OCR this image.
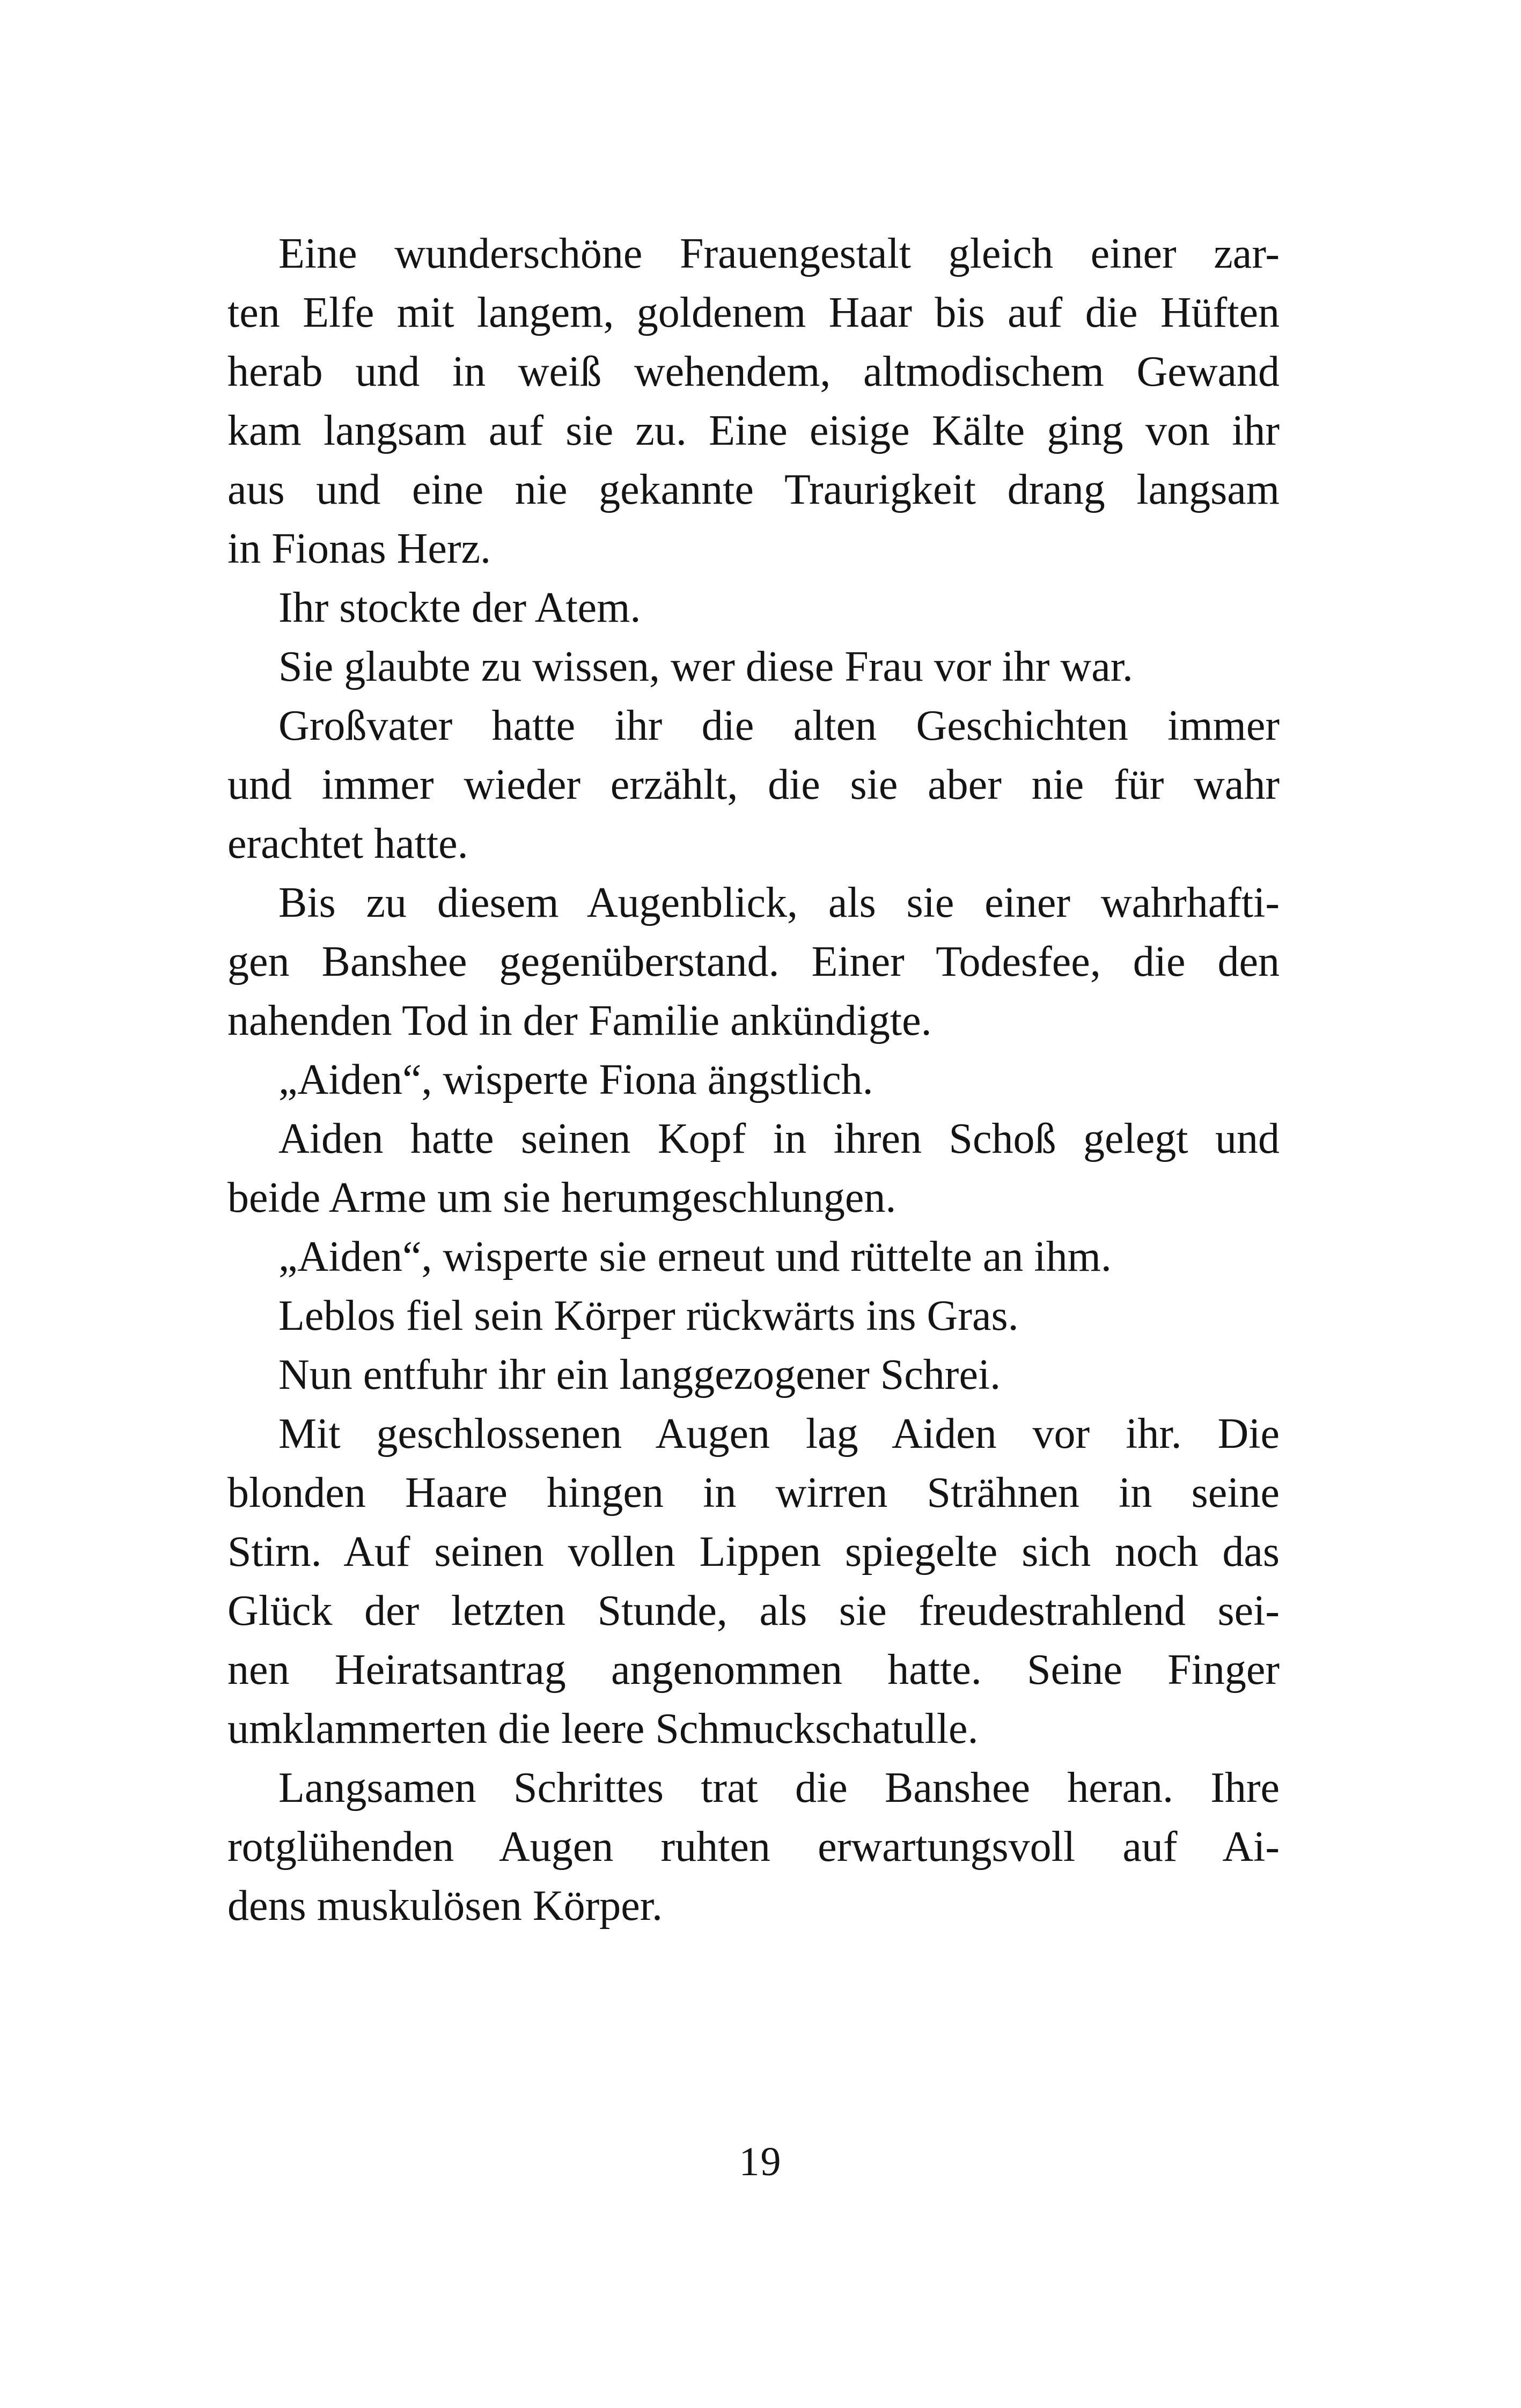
Eine wunderschöne Frauengestalt gleich einer zar-
ten Elfe mit langem, goldenem Haar bis auf die Hüften
herab und in weiß wehendem, altmodischem Gewand
kam langsam auf sie zu. Eine eisige Kälte ging von ihr
aus und eine nie gekannte Traurigkeit drang langsam
in Fionas Herz.
Ihr stockte der Atem.
Sie glaubte zu wissen, wer diese Frau vor ihr war.
Großvater hatte ihr die alten Geschichten immer
und immer wieder erzählt, die sie aber nie für wahr
erachtet hatte.
Bis zu diesem Augenblick, als sie einer wahrhafti-
gen Banshee gegenüberstand. Einer Todesfee, die den
nahenden Tod in der Familie ankündigte.
„Aiden“, wisperte Fiona ängstlich.
Aiden hatte seinen Kopf in ihren Schoß gelegt und
beide Arme um sie herumgeschlungen.
„Aiden“, wisperte sie erneut und rüttelte an ihm.
Leblos fiel sein Körper rückwärts ins Gras.
Nun entfuhr ihr ein langgezogener Schrei.
Mit geschlossenen Augen lag Aiden vor ihr. Die
blonden Haare hingen in wirren Strähnen in seine
Stirn. Auf seinen vollen Lippen spiegelte sich noch das
Glück der letzten Stunde, als sie freudestrahlend sei-
nen Heiratsantrag angenommen hatte. Seine Finger
umklammerten die leere Schmuckschatulle.
Langsamen Schrittes trat die Banshee heran. Ihre
rotglühenden Augen ruhten erwartungsvoll auf Ai-
dens muskulösen Körper.
19
